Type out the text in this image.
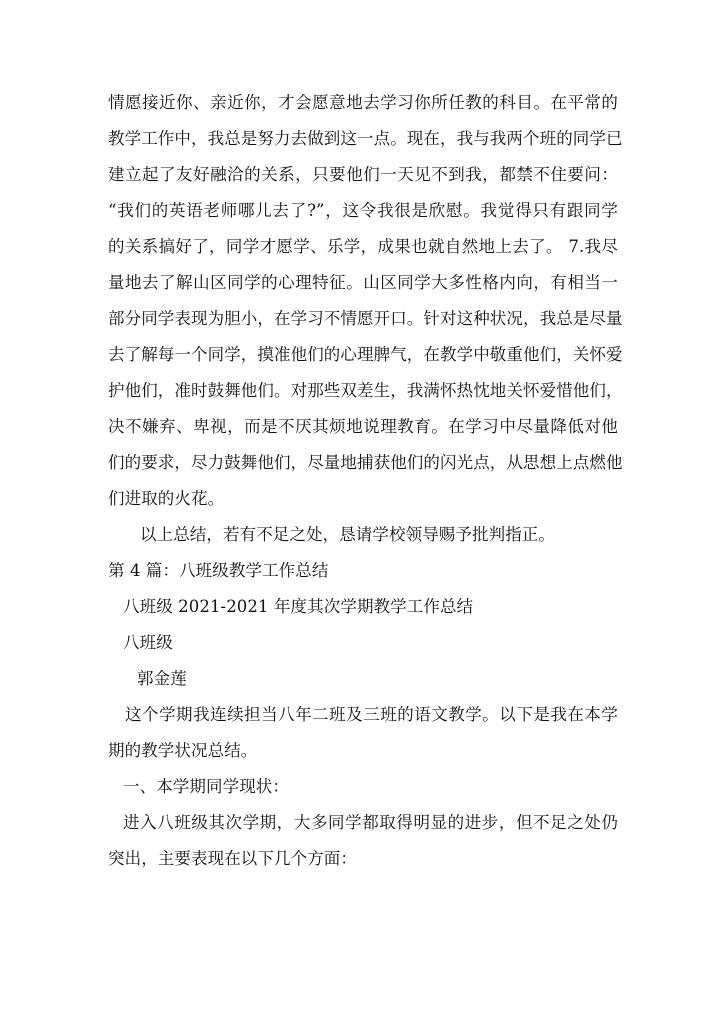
情愿接近你、亲近你，才会愿意地去学习你所任教的科目。在平常的
教学工作中，我总是努力去做到这一点。现在，我与我两个班的同学已
建立起了友好融洽的关系，只要他们一天见不到我，都禁不住要问：
“我们的英语老师哪儿去了?”，这令我很是欣慰。我觉得只有跟同学
的关系搞好了，同学才愿学、乐学，成果也就自然地上去了。 7.我尽
量地去了解山区同学的心理特征。山区同学大多性格内向，有相当一
部分同学表现为胆小，在学习不情愿开口。针对这种状况，我总是尽量
去了解每一个同学，摸准他们的心理脾气，在教学中敬重他们，关怀爱
护他们，准时鼓舞他们。对那些双差生，我满怀热忱地关怀爱惜他们，
决不嫌弃、卑视，而是不厌其烦地说理教育。在学习中尽量降低对他
们的要求，尽力鼓舞他们，尽量地捕获他们的闪光点，从思想上点燃他
们进取的火花。
以上总结，若有不足之处，恳请学校领导赐予批判指正。
第 4 篇：八班级教学工作总结
八班级 2021-2021 年度其次学期教学工作总结
八班级
郭金莲
这个学期我连续担当八年二班及三班的语文教学。以下是我在本学
期的教学状况总结。
一、本学期同学现状：
进入八班级其次学期，大多同学都取得明显的进步，但不足之处仍
突出，主要表现在以下几个方面：
